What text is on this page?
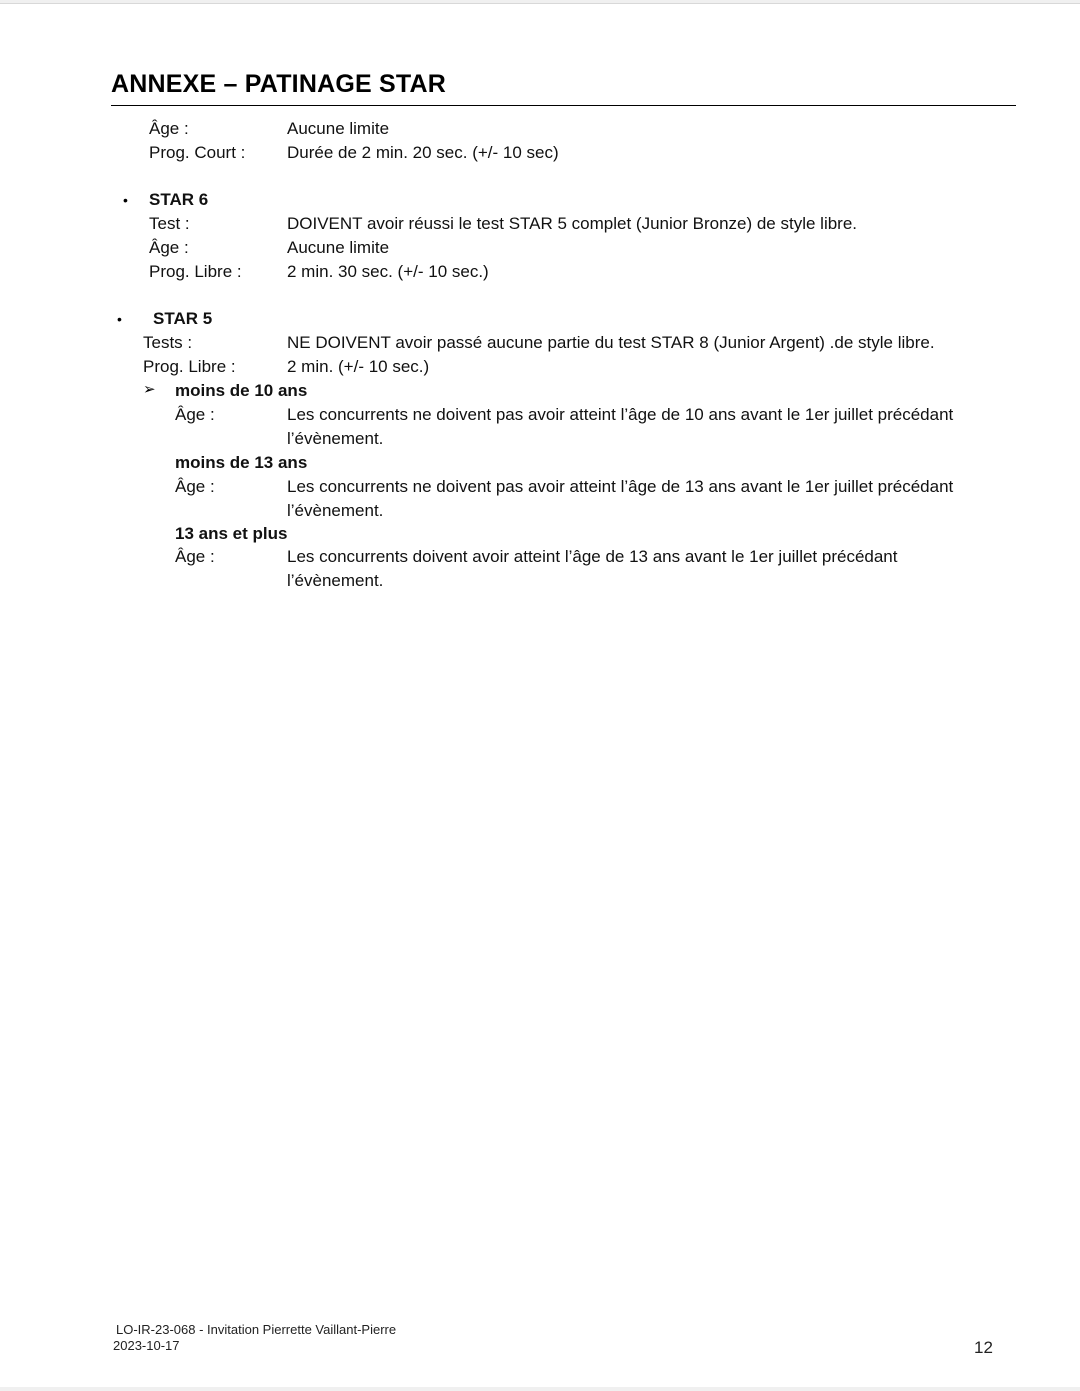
ANNEXE – PATINAGE STAR
Âge :	Aucune limite
Prog. Court : Durée de 2 min. 20 sec. (+/- 10 sec)
• STAR 6
Test :	DOIVENT avoir réussi le test STAR 5 complet (Junior Bronze) de style libre.
Âge :	Aucune limite
Prog. Libre :	2 min. 30 sec. (+/- 10 sec.)
• STAR 5
Tests :	NE DOIVENT avoir passé aucune partie du test STAR 8 (Junior Argent) .de style libre.
Prog. Libre :	2 min. (+/- 10 sec.)
➢ moins de 10 ans
Âge :	Les concurrents ne doivent pas avoir atteint l’âge de 10 ans avant le 1er juillet précédant
l’évènement.
moins de 13 ans
Âge :	Les concurrents ne doivent pas avoir atteint l’âge de 13 ans avant le 1er juillet précédant
l’évènement.
13 ans et plus
Âge :	Les concurrents doivent avoir atteint l’âge de 13 ans avant le 1er juillet précédant
l’évènement.
LO-IR-23-068 - Invitation Pierrette Vaillant-Pierre
2023-10-17	12
